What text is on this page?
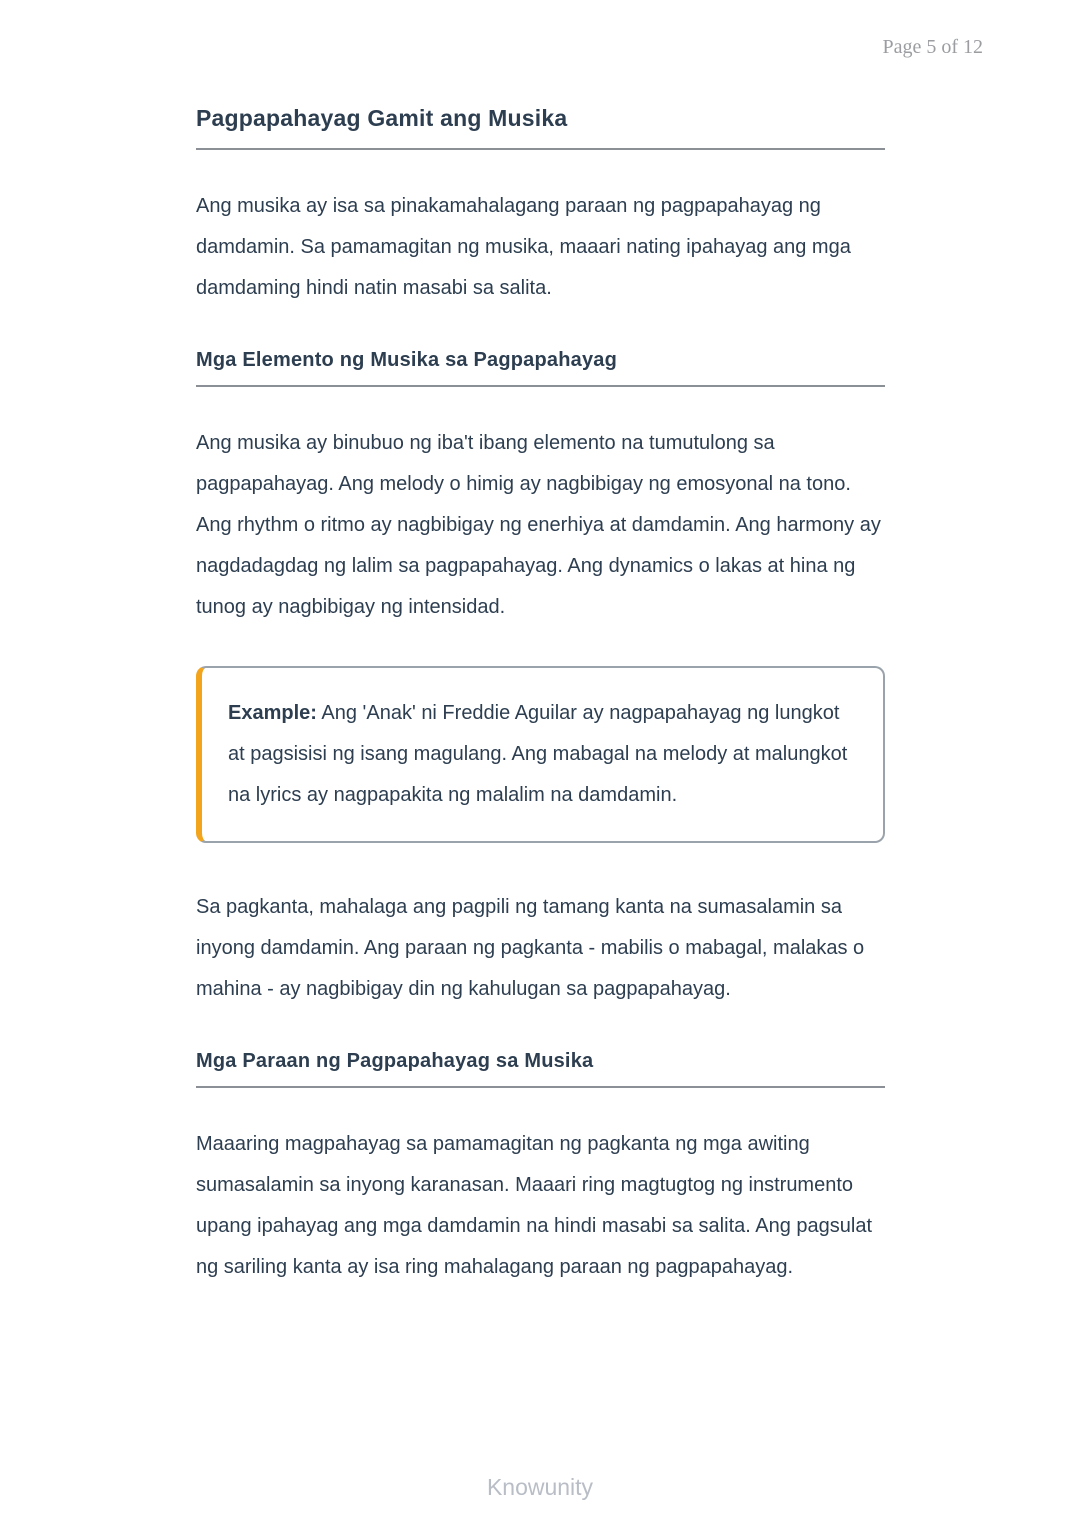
Page 5 of 12
Pagpapahayag Gamit ang Musika

Ang musika ay isa sa pinakamahalagang paraan ng pagpapahayag ng damdamin. Sa pamamagitan ng musika, maaari nating ipahayag ang mga damdaming hindi natin masabi sa salita.

Mga Elemento ng Musika sa Pagpapahayag

Ang musika ay binubuo ng iba't ibang elemento na tumutulong sa pagpapahayag. Ang melody o himig ay nagbibigay ng emosyonal na tono. Ang rhythm o ritmo ay nagbibigay ng enerhiya at damdamin. Ang harmony ay nagdadagdag ng lalim sa pagpapahayag. Ang dynamics o lakas at hina ng tunog ay nagbibigay ng intensidad.

Example: Ang 'Anak' ni Freddie Aguilar ay nagpapahayag ng lungkot at pagsisisi ng isang magulang. Ang mabagal na melody at malungkot na lyrics ay nagpapakita ng malalim na damdamin.

Sa pagkanta, mahalaga ang pagpili ng tamang kanta na sumasalamin sa inyong damdamin. Ang paraan ng pagkanta - mabilis o mabagal, malakas o mahina - ay nagbibigay din ng kahulugan sa pagpapahayag.

Mga Paraan ng Pagpapahayag sa Musika

Maaaring magpahayag sa pamamagitan ng pagkanta ng mga awiting sumasalamin sa inyong karanasan. Maaari ring magtugtog ng instrumento upang ipahayag ang mga damdamin na hindi masabi sa salita. Ang pagsulat ng sariling kanta ay isa ring mahalagang paraan ng pagpapahayag.

Knowunity
